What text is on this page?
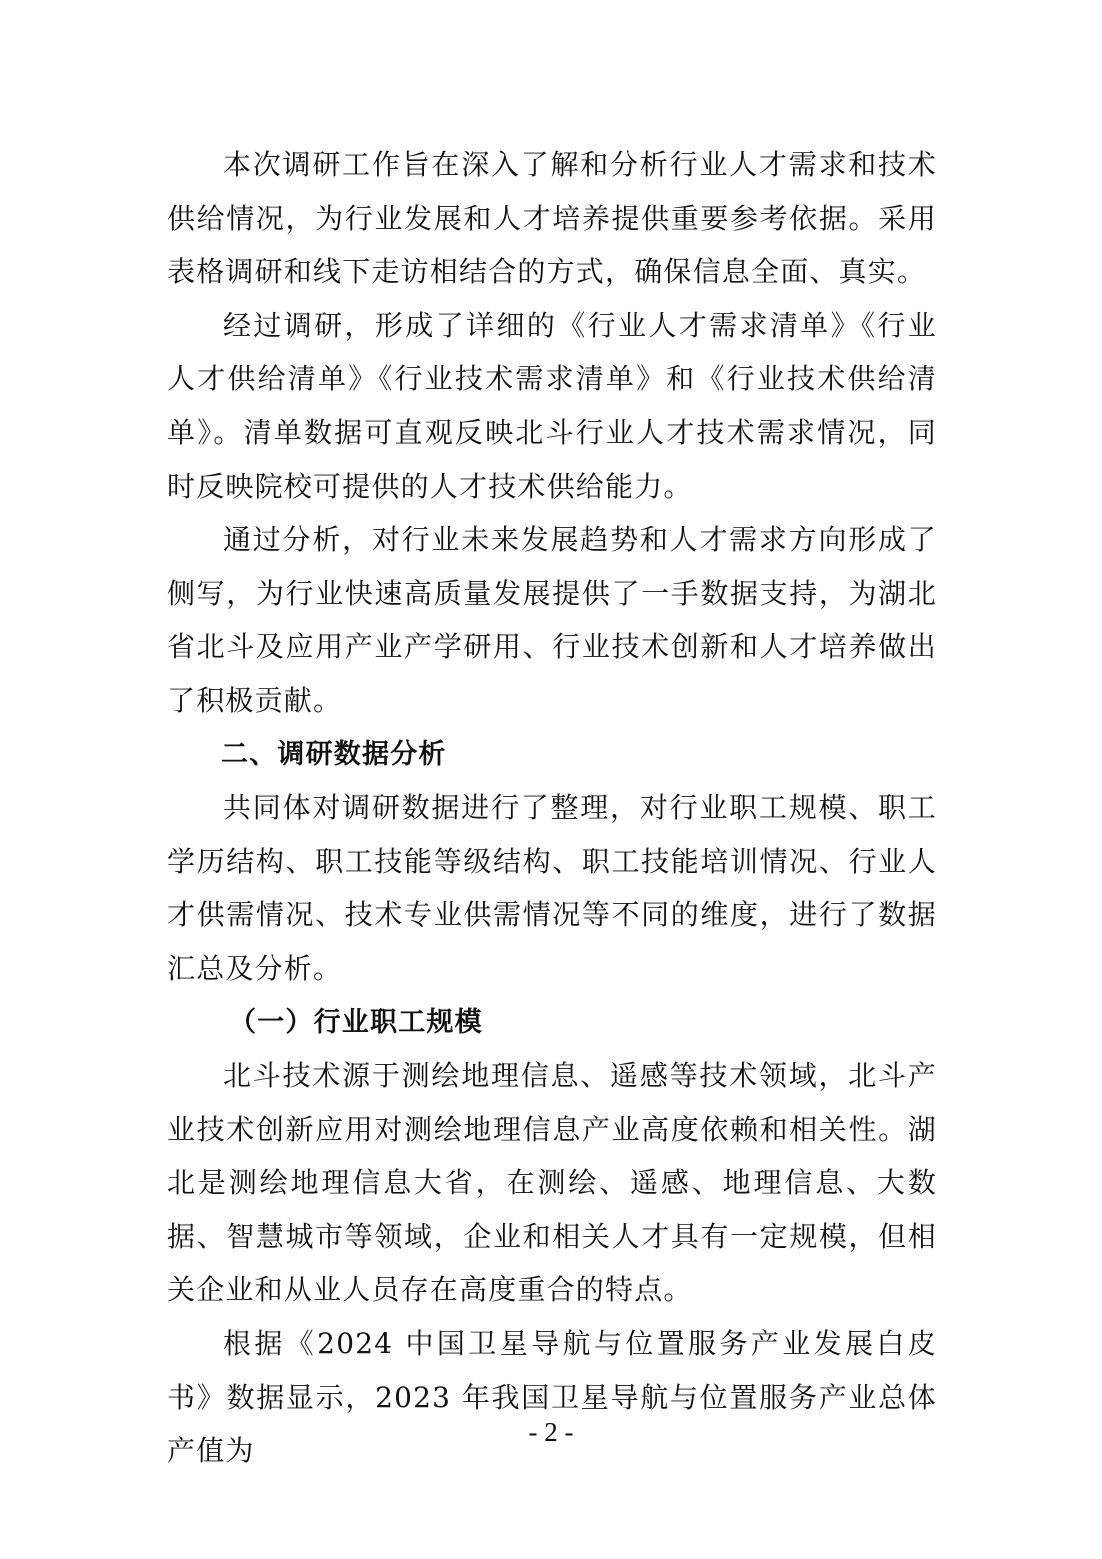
本次调研工作旨在深入了解和分析行业人才需求和技术供给情况，为行业发展和人才培养提供重要参考依据。采用表格调研和线下走访相结合的方式，确保信息全面、真实。

经过调研，形成了详细的《行业人才需求清单》《行业人才供给清单》《行业技术需求清单》和《行业技术供给清单》。清单数据可直观反映北斗行业人才技术需求情况，同时反映院校可提供的人才技术供给能力。

通过分析，对行业未来发展趋势和人才需求方向形成了侧写，为行业快速高质量发展提供了一手数据支持，为湖北省北斗及应用产业产学研用、行业技术创新和人才培养做出了积极贡献。

二、调研数据分析

共同体对调研数据进行了整理，对行业职工规模、职工学历结构、职工技能等级结构、职工技能培训情况、行业人才供需情况、技术专业供需情况等不同的维度，进行了数据汇总及分析。

（一）行业职工规模

北斗技术源于测绘地理信息、遥感等技术领域，北斗产业技术创新应用对测绘地理信息产业高度依赖和相关性。湖北是测绘地理信息大省，在测绘、遥感、地理信息、大数据、智慧城市等领域，企业和相关人才具有一定规模，但相关企业和从业人员存在高度重合的特点。

根据《2024 中国卫星导航与位置服务产业发展白皮书》数据显示，2023 年我国卫星导航与位置服务产业总体产值为

- 2 -
